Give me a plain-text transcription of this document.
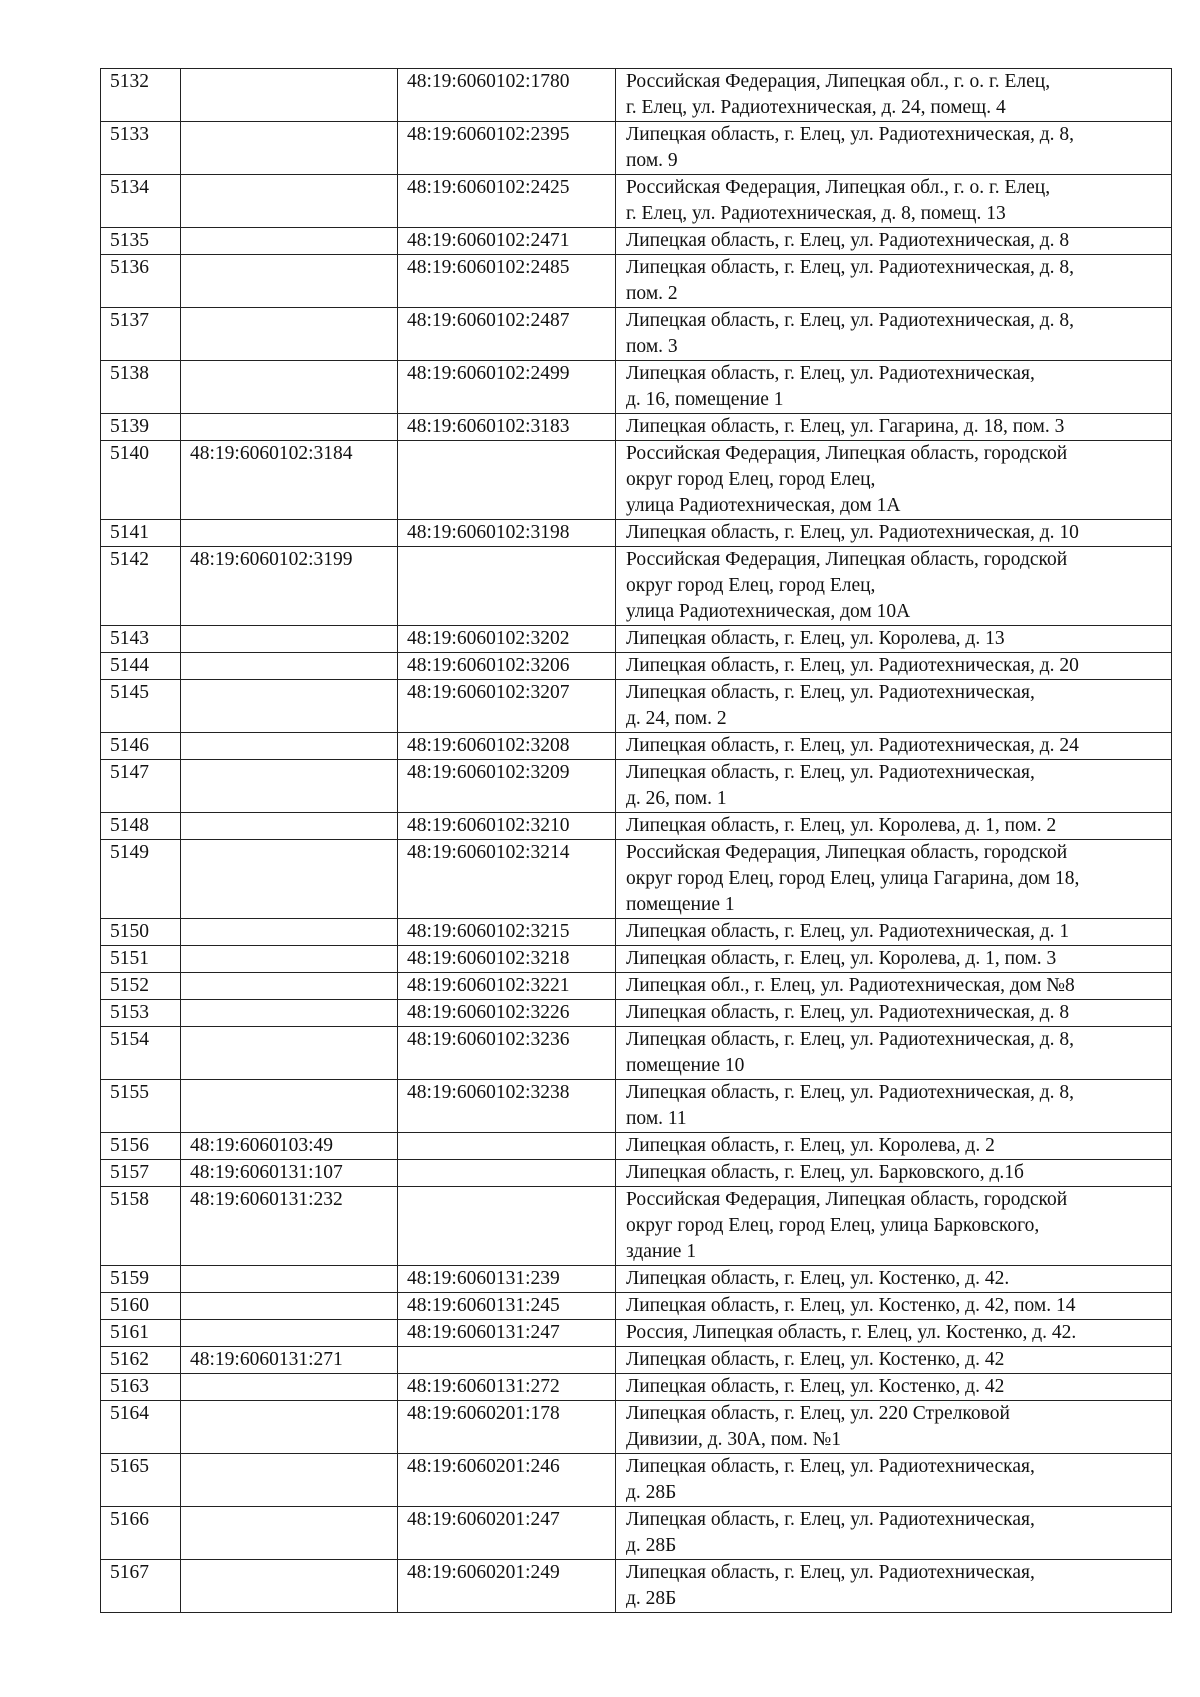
5132		48:19:6060102:1780	Российская Федерация, Липецкая обл., г. о. г. Елец,
г. Елец, ул. Радиотехническая, д. 24, помещ. 4
5133		48:19:6060102:2395	Липецкая область, г. Елец, ул. Радиотехническая, д. 8,
пом. 9
5134		48:19:6060102:2425	Российская Федерация, Липецкая обл., г. о. г. Елец,
г. Елец, ул. Радиотехническая, д. 8, помещ. 13
5135		48:19:6060102:2471	Липецкая область, г. Елец, ул. Радиотехническая, д. 8
5136		48:19:6060102:2485	Липецкая область, г. Елец, ул. Радиотехническая, д. 8,
пом. 2
5137		48:19:6060102:2487	Липецкая область, г. Елец, ул. Радиотехническая, д. 8,
пом. 3
5138		48:19:6060102:2499	Липецкая область, г. Елец, ул. Радиотехническая,
д. 16, помещение 1
5139		48:19:6060102:3183	Липецкая область, г. Елец, ул. Гагарина, д. 18, пом. 3
5140	48:19:6060102:3184		Российская Федерация, Липецкая область, городской
округ город Елец, город Елец,
улица Радиотехническая, дом 1А
5141		48:19:6060102:3198	Липецкая область, г. Елец, ул. Радиотехническая, д. 10
5142	48:19:6060102:3199		Российская Федерация, Липецкая область, городской
округ город Елец, город Елец,
улица Радиотехническая, дом 10А
5143		48:19:6060102:3202	Липецкая область, г. Елец, ул. Королева, д. 13
5144		48:19:6060102:3206	Липецкая область, г. Елец, ул. Радиотехническая, д. 20
5145		48:19:6060102:3207	Липецкая область, г. Елец, ул. Радиотехническая,
д. 24, пом. 2
5146		48:19:6060102:3208	Липецкая область, г. Елец, ул. Радиотехническая, д. 24
5147		48:19:6060102:3209	Липецкая область, г. Елец, ул. Радиотехническая,
д. 26, пом. 1
5148		48:19:6060102:3210	Липецкая область, г. Елец, ул. Королева, д. 1, пом. 2
5149		48:19:6060102:3214	Российская Федерация, Липецкая область, городской
округ город Елец, город Елец, улица Гагарина, дом 18,
помещение 1
5150		48:19:6060102:3215	Липецкая область, г. Елец, ул. Радиотехническая, д. 1
5151		48:19:6060102:3218	Липецкая область, г. Елец, ул. Королева, д. 1, пом. 3
5152		48:19:6060102:3221	Липецкая обл., г. Елец, ул. Радиотехническая, дом №8
5153		48:19:6060102:3226	Липецкая область, г. Елец, ул. Радиотехническая, д. 8
5154		48:19:6060102:3236	Липецкая область, г. Елец, ул. Радиотехническая, д. 8,
помещение 10
5155		48:19:6060102:3238	Липецкая область, г. Елец, ул. Радиотехническая, д. 8,
пом. 11
5156	48:19:6060103:49		Липецкая область, г. Елец, ул. Королева, д. 2
5157	48:19:6060131:107		Липецкая область, г. Елец, ул. Барковского, д.1б
5158	48:19:6060131:232		Российская Федерация, Липецкая область, городской
округ город Елец, город Елец, улица Барковского,
здание 1
5159		48:19:6060131:239	Липецкая область, г. Елец, ул. Костенко, д. 42.
5160		48:19:6060131:245	Липецкая область, г. Елец, ул. Костенко, д. 42, пом. 14
5161		48:19:6060131:247	Россия, Липецкая область, г. Елец, ул. Костенко, д. 42.
5162	48:19:6060131:271		Липецкая область, г. Елец, ул. Костенко, д. 42
5163		48:19:6060131:272	Липецкая область, г. Елец, ул. Костенко, д. 42
5164		48:19:6060201:178	Липецкая область, г. Елец, ул. 220 Стрелковой
Дивизии, д. 30А, пом. №1
5165		48:19:6060201:246	Липецкая область, г. Елец, ул. Радиотехническая,
д. 28Б
5166		48:19:6060201:247	Липецкая область, г. Елец, ул. Радиотехническая,
д. 28Б
5167		48:19:6060201:249	Липецкая область, г. Елец, ул. Радиотехническая,
д. 28Б
